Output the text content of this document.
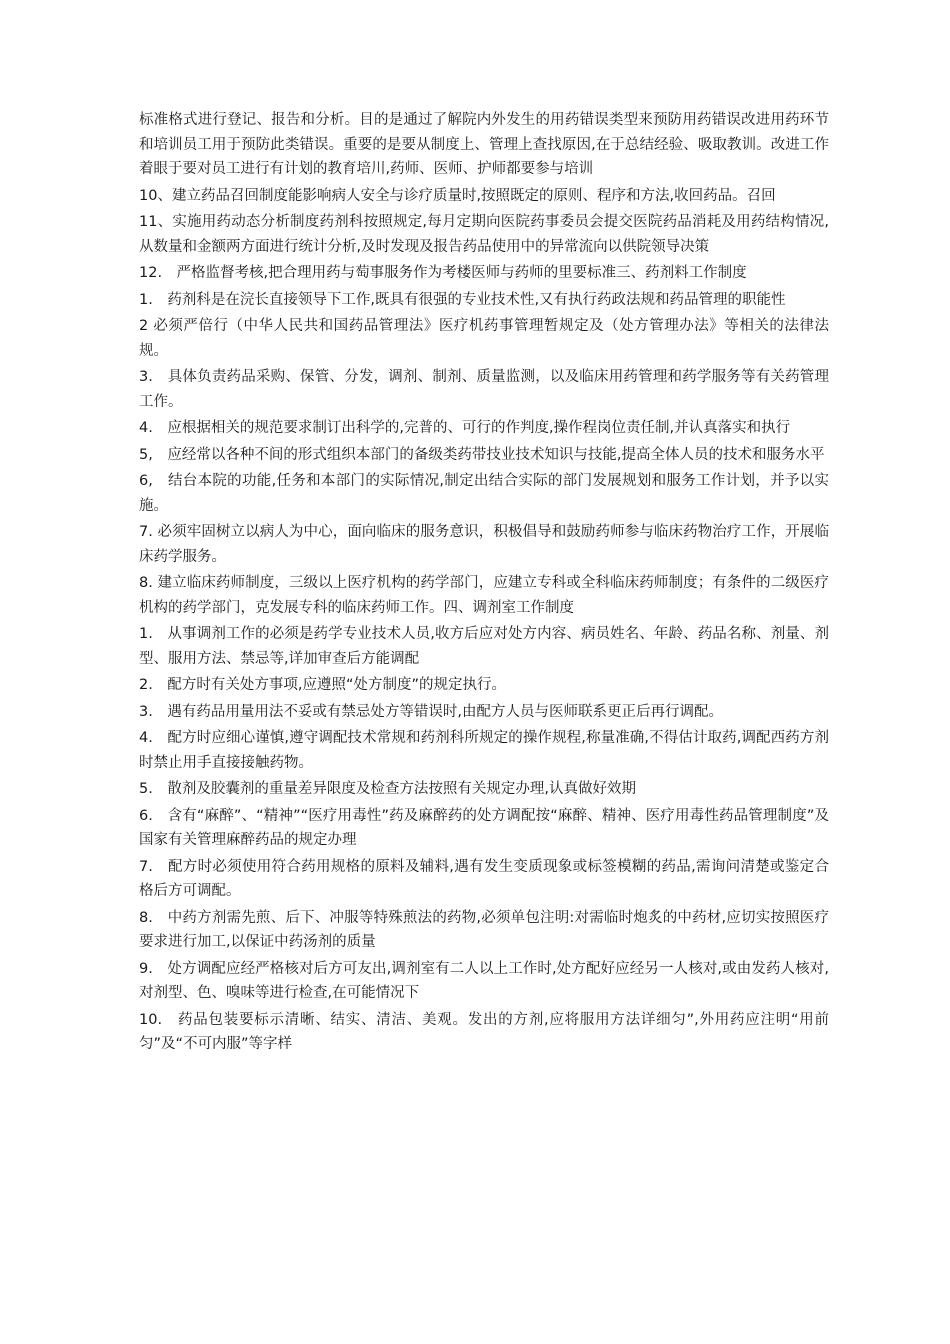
标准格式进行登记、报告和分析。目的是通过了解院内外发生的用药错误类型来预防用药错误改进用药环节和培训员工用于预防此类错误。重要的是要从制度上、管理上查找原因,在于总结经验、吸取教训。改进工作着眼于要对员工进行有计划的教育培川,药师、医师、护师都要参与培训

10、建立药品召回制度能影响病人安全与诊疗质量时,按照既定的原则、程序和方法,收回药品。召回

11、实施用药动态分析制度药剂科按照规定,每月定期向医院药事委员会提交医院药品消耗及用药结构情况,从数量和金额两方面进行统计分析,及时发现及报告药品使用中的异常流向以供院领导决策

12.　严格监督考核,把合理用药与萄事服务作为考楼医师与药师的里要标准三、药剂料工作制度

1.　药剂科是在浣长直接领导下工作,既具有很强的专业技术性,又有执行药政法规和药品管理的职能性

2 必须严倍行（中华人民共和国药品管理法》医疗机药事管理暂规定及（处方管理办法》等相关的法律法规。

3.　具体负责药品采购、保管、分发，调剂、制剂、质量监测，以及临床用药管理和药学服务等有关药管理工作。

4.　应根据相关的规范要求制订出科学的,完普的、可行的作判度,操作程岗位责任制,并认真落实和执行

5,　应经常以各种不间的形式组织本部门的备级类药带技业技术知识与技能,提高全体人员的技术和服务水平

6,　结台本院的功能,任务和本部门的实际情况,制定出结合实际的部门发展规划和服务工作计划，并予以实施。

7. 必须牢固树立以病人为中心，面向临床的服务意识，积极倡导和鼓励药师参与临床药物治疗工作，开展临床药学服务。

8. 建立临床药师制度，三级以上医疗机构的药学部门，应建立专科或全科临床药师制度；有条件的二级医疗机构的药学部门，克发展专科的临床药师工作。四、调剂室工作制度

1.　从事调剂工作的必须是药学专业技术人员,收方后应对处方内容、病员姓名、年龄、药品名称、剂量、剂型、服用方法、禁忌等,详加审查后方能调配

2.　配方时有关处方事项,应遵照“处方制度”的规定执行。

3.　遇有药品用量用法不妥或有禁忌处方等错误时,由配方人员与医师联系更正后再行调配。

4.　配方时应细心谨慎,遵守调配技术常规和药剂科所规定的操作规程,称量准确,不得估计取药,调配西药方剂时禁止用手直接接触药物。

5.　散剂及胶囊剂的重量差异限度及检查方法按照有关规定办理,认真做好效期

6.　含有“麻醉”、“精神”“医疗用毒性”药及麻醉药的处方调配按“麻醉、精神、医疗用毒性药品管理制度”及国家有关管理麻醉药品的规定办理

7.　配方时必须使用符合药用规格的原料及辅料,遇有发生变质现象或标签模糊的药品,需询问清楚或鉴定合格后方可调配。

8.　中药方剂需先煎、后下、冲服等特殊煎法的药物,必须单包注明:对需临时炮炙的中药材,应切实按照医疗要求进行加工,以保证中药汤剂的质量

9.　处方调配应经严格核对后方可友出,调剂室有二人以上工作时,处方配好应经另一人核对,或由发药人核对,对剂型、色、嗅味等进行检查,在可能情况下

10.　药品包装要标示清晰、结实、清洁、美观。发出的方剂,应将服用方法详细匀”,外用药应注明“用前匀”及“不可内服”等字样
